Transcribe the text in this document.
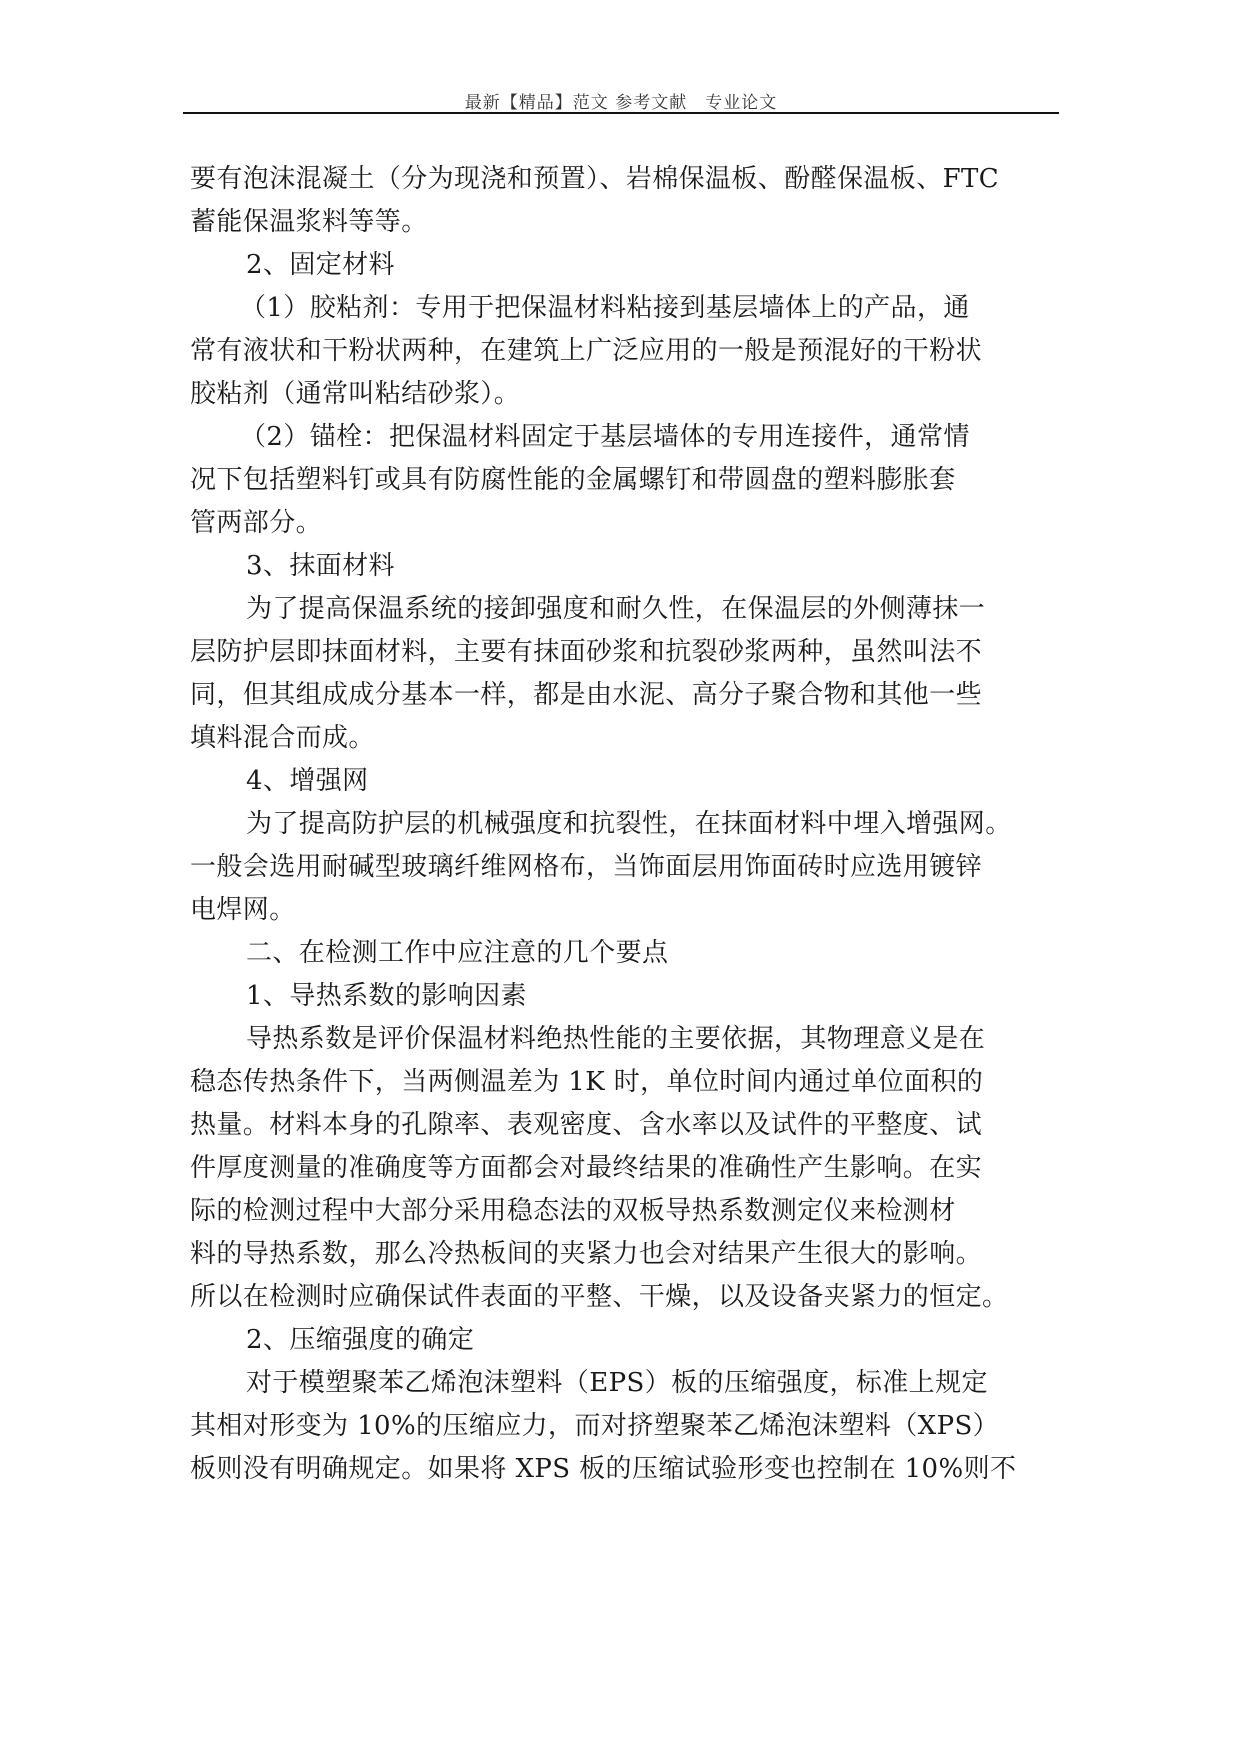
最新【精品】范文 参考文献　专业论文
要有泡沫混凝土（分为现浇和预置）、岩棉保温板、酚醛保温板、FTC
蓄能保温浆料等等。
2、固定材料
（1）胶粘剂：专用于把保温材料粘接到基层墙体上的产品，通
常有液状和干粉状两种，在建筑上广泛应用的一般是预混好的干粉状
胶粘剂（通常叫粘结砂浆）。
（2）锚栓：把保温材料固定于基层墙体的专用连接件，通常情
况下包括塑料钉或具有防腐性能的金属螺钉和带圆盘的塑料膨胀套
管两部分。
3、抹面材料
为了提高保温系统的接卸强度和耐久性，在保温层的外侧薄抹一
层防护层即抹面材料，主要有抹面砂浆和抗裂砂浆两种，虽然叫法不
同，但其组成成分基本一样，都是由水泥、高分子聚合物和其他一些
填料混合而成。
4、增强网
为了提高防护层的机械强度和抗裂性，在抹面材料中埋入增强网。
一般会选用耐碱型玻璃纤维网格布，当饰面层用饰面砖时应选用镀锌
电焊网。
二、在检测工作中应注意的几个要点
1、导热系数的影响因素
导热系数是评价保温材料绝热性能的主要依据，其物理意义是在
稳态传热条件下，当两侧温差为 1K 时，单位时间内通过单位面积的
热量。材料本身的孔隙率、表观密度、含水率以及试件的平整度、试
件厚度测量的准确度等方面都会对最终结果的准确性产生影响。在实
际的检测过程中大部分采用稳态法的双板导热系数测定仪来检测材
料的导热系数，那么冷热板间的夹紧力也会对结果产生很大的影响。
所以在检测时应确保试件表面的平整、干燥，以及设备夹紧力的恒定。
2、压缩强度的确定
对于模塑聚苯乙烯泡沫塑料（EPS）板的压缩强度，标准上规定
其相对形变为 10%的压缩应力，而对挤塑聚苯乙烯泡沫塑料（XPS）
板则没有明确规定。如果将 XPS 板的压缩试验形变也控制在 10%则不
